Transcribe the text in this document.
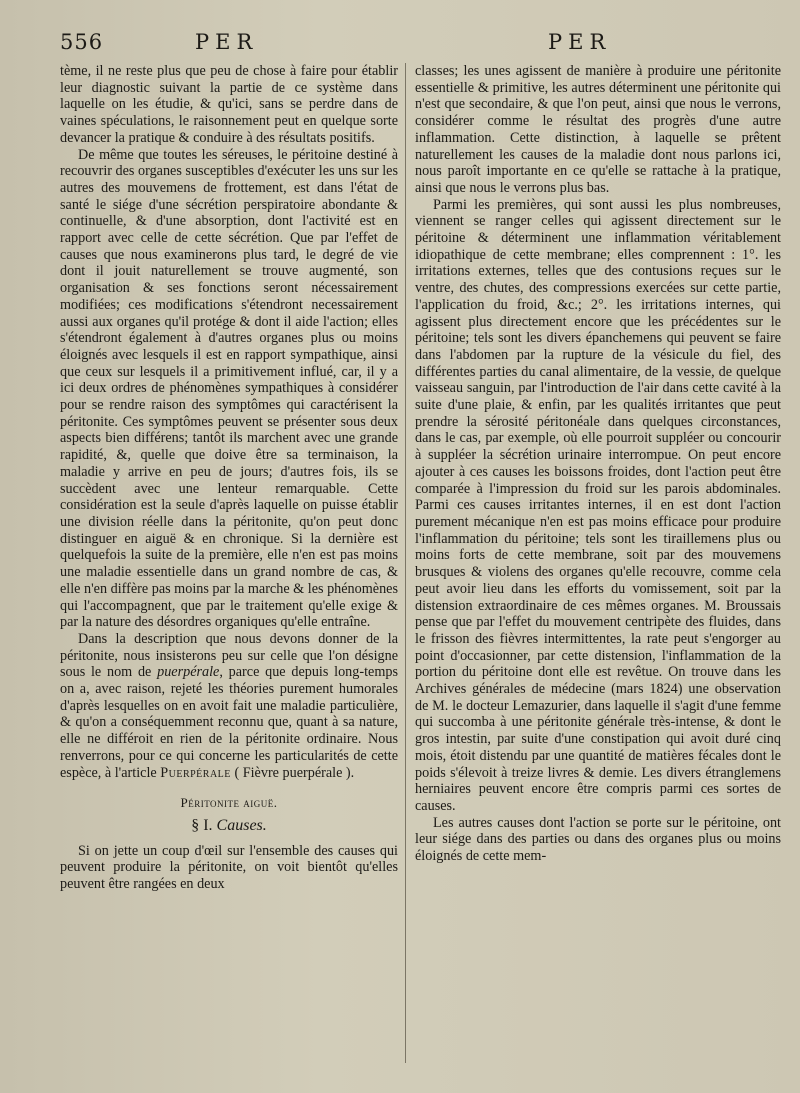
556	PER	PER

tème, il ne reste plus que peu de chose à faire pour établir leur diagnostic suivant la partie de ce système dans laquelle on les étudie, & qu'ici, sans se perdre dans de vaines spéculations, le raisonnement peut en quelque sorte devancer la pratique & conduire à des résultats positifs.

De même que toutes les séreuses, le péritoine destiné à recouvrir des organes susceptibles d'exécuter les uns sur les autres des mouvemens de frottement, est dans l'état de santé le siége d'une sécrétion perspiratoire abondante & continuelle, & d'une absorption, dont l'activité est en rapport avec celle de cette sécrétion. Que par l'effet de causes que nous examinerons plus tard, le degré de vie dont il jouit naturellement se trouve augmenté, son organisation & ses fonctions seront nécessairement modifiées; ces modifications s'étendront necessairement aussi aux organes qu'il protége & dont il aide l'action; elles s'étendront également à d'autres organes plus ou moins éloignés avec lesquels il est en rapport sympathique, ainsi que ceux sur lesquels il a primitivement influé, car, il y a ici deux ordres de phénomènes sympathiques à considérer pour se rendre raison des symptômes qui caractérisent la péritonite. Ces symptômes peuvent se présenter sous deux aspects bien différens; tantôt ils marchent avec une grande rapidité, &, quelle que doive être sa terminaison, la maladie y arrive en peu de jours; d'autres fois, ils se succèdent avec une lenteur remarquable. Cette considération est la seule d'après laquelle on puisse établir une division réelle dans la péritonite, qu'on peut donc distinguer en aiguë & en chronique. Si la dernière est quelquefois la suite de la première, elle n'en est pas moins une maladie essentielle dans un grand nombre de cas, & elle n'en diffère pas moins par la marche & les phénomènes qui l'accompagnent, que par le traitement qu'elle exige & par la nature des désordres organiques qu'elle entraîne.

Dans la description que nous devons donner de la péritonite, nous insisterons peu sur celle que l'on désigne sous le nom de puerpérale, parce que depuis long-temps on a, avec raison, rejeté les théories purement humorales d'après lesquelles on en avoit fait une maladie particulière, & qu'on a conséquemment reconnu que, quant à sa nature, elle ne différoit en rien de la péritonite ordinaire. Nous renverrons, pour ce qui concerne les particularités de cette espèce, à l'article Puerpérale ( Fièvre puerpérale ).

Péritonite aiguë.
§ I. Causes.

Si on jette un coup d'œil sur l'ensemble des causes qui peuvent produire la péritonite, on voit bientôt qu'elles peuvent être rangées en deux

classes; les unes agissent de manière à produire une péritonite essentielle & primitive, les autres déterminent une péritonite qui n'est que secondaire, & que l'on peut, ainsi que nous le verrons, considérer comme le résultat des progrès d'une autre inflammation. Cette distinction, à laquelle se prêtent naturellement les causes de la maladie dont nous parlons ici, nous paroît importante en ce qu'elle se rattache à la pratique, ainsi que nous le verrons plus bas.

Parmi les premières, qui sont aussi les plus nombreuses, viennent se ranger celles qui agissent directement sur le péritoine & déterminent une inflammation véritablement idiopathique de cette membrane; elles comprennent : 1°. les irritations externes, telles que des contusions reçues sur le ventre, des chutes, des compressions exercées sur cette partie, l'application du froid, &c.; 2°. les irritations internes, qui agissent plus directement encore que les précédentes sur le péritoine; tels sont les divers épanchemens qui peuvent se faire dans l'abdomen par la rupture de la vésicule du fiel, des différentes parties du canal alimentaire, de la vessie, de quelque vaisseau sanguin, par l'introduction de l'air dans cette cavité à la suite d'une plaie, & enfin, par les qualités irritantes que peut prendre la sérosité péritonéale dans quelques circonstances, dans le cas, par exemple, où elle pourroit suppléer ou concourir à suppléer la sécrétion urinaire interrompue. On peut encore ajouter à ces causes les boissons froides, dont l'action peut être comparée à l'impression du froid sur les parois abdominales. Parmi ces causes irritantes internes, il en est dont l'action purement mécanique n'en est pas moins efficace pour produire l'inflammation du péritoine; tels sont les tiraillemens plus ou moins forts de cette membrane, soit par des mouvemens brusques & violens des organes qu'elle recouvre, comme cela peut avoir lieu dans les efforts du vomissement, soit par la distension extraordinaire de ces mêmes organes. M. Broussais pense que par l'effet du mouvement centripète des fluides, dans le frisson des fièvres intermittentes, la rate peut s'engorger au point d'occasionner, par cette distension, l'inflammation de la portion du péritoine dont elle est revêtue. On trouve dans les Archives générales de médecine (mars 1824) une observation de M. le docteur Lemazurier, dans laquelle il s'agit d'une femme qui succomba à une péritonite générale très-intense, & dont le gros intestin, par suite d'une constipation qui avoit duré cinq mois, étoit distendu par une quantité de matières fécales dont le poids s'élevoit à treize livres & demie. Les divers étranglemens herniaires peuvent encore être compris parmi ces sortes de causes.

Les autres causes dont l'action se porte sur le péritoine, ont leur siége dans des parties ou dans des organes plus ou moins éloignés de cette mem-
